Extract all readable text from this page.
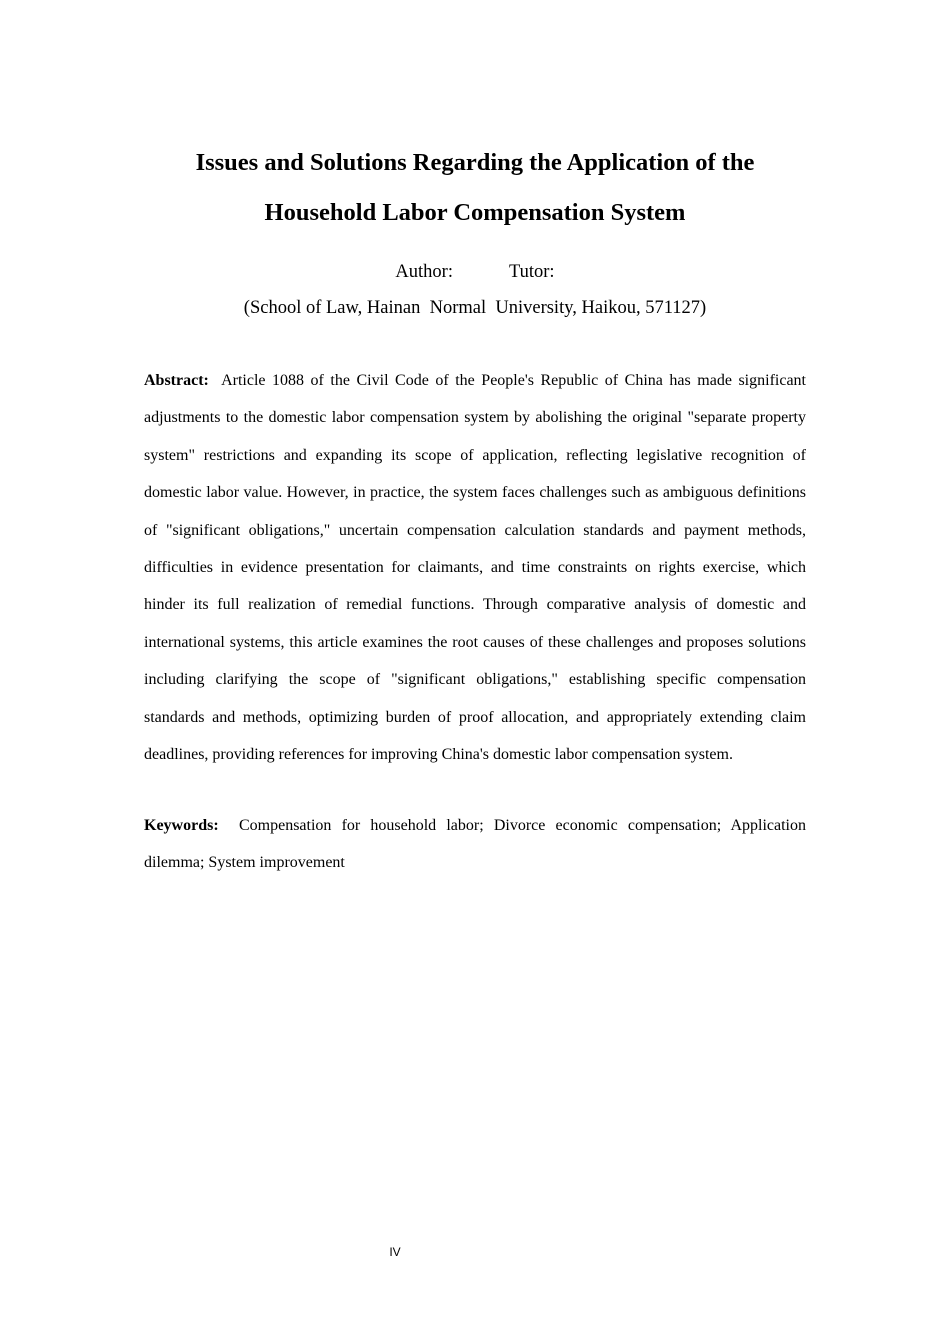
Issues and Solutions Regarding the Application of the
Household Labor Compensation System
Author:	Tutor:
(School of Law, Hainan  Normal  University, Haikou, 571127)

Abstract: Article 1088 of the Civil Code of the People's Republic of China has made significant adjustments to the domestic labor compensation system by abolishing the original "separate property system" restrictions and expanding its scope of application, reflecting legislative recognition of domestic labor value. However, in practice, the system faces challenges such as ambiguous definitions of "significant obligations," uncertain compensation calculation standards and payment methods, difficulties in evidence presentation for claimants, and time constraints on rights exercise, which hinder its full realization of remedial functions. Through comparative analysis of domestic and international systems, this article examines the root causes of these challenges and proposes solutions including clarifying the scope of "significant obligations," establishing specific compensation standards and methods, optimizing burden of proof allocation, and appropriately extending claim deadlines, providing references for improving China's domestic labor compensation system.

Keywords: Compensation for household labor; Divorce economic compensation; Application dilemma; System improvement

IV
